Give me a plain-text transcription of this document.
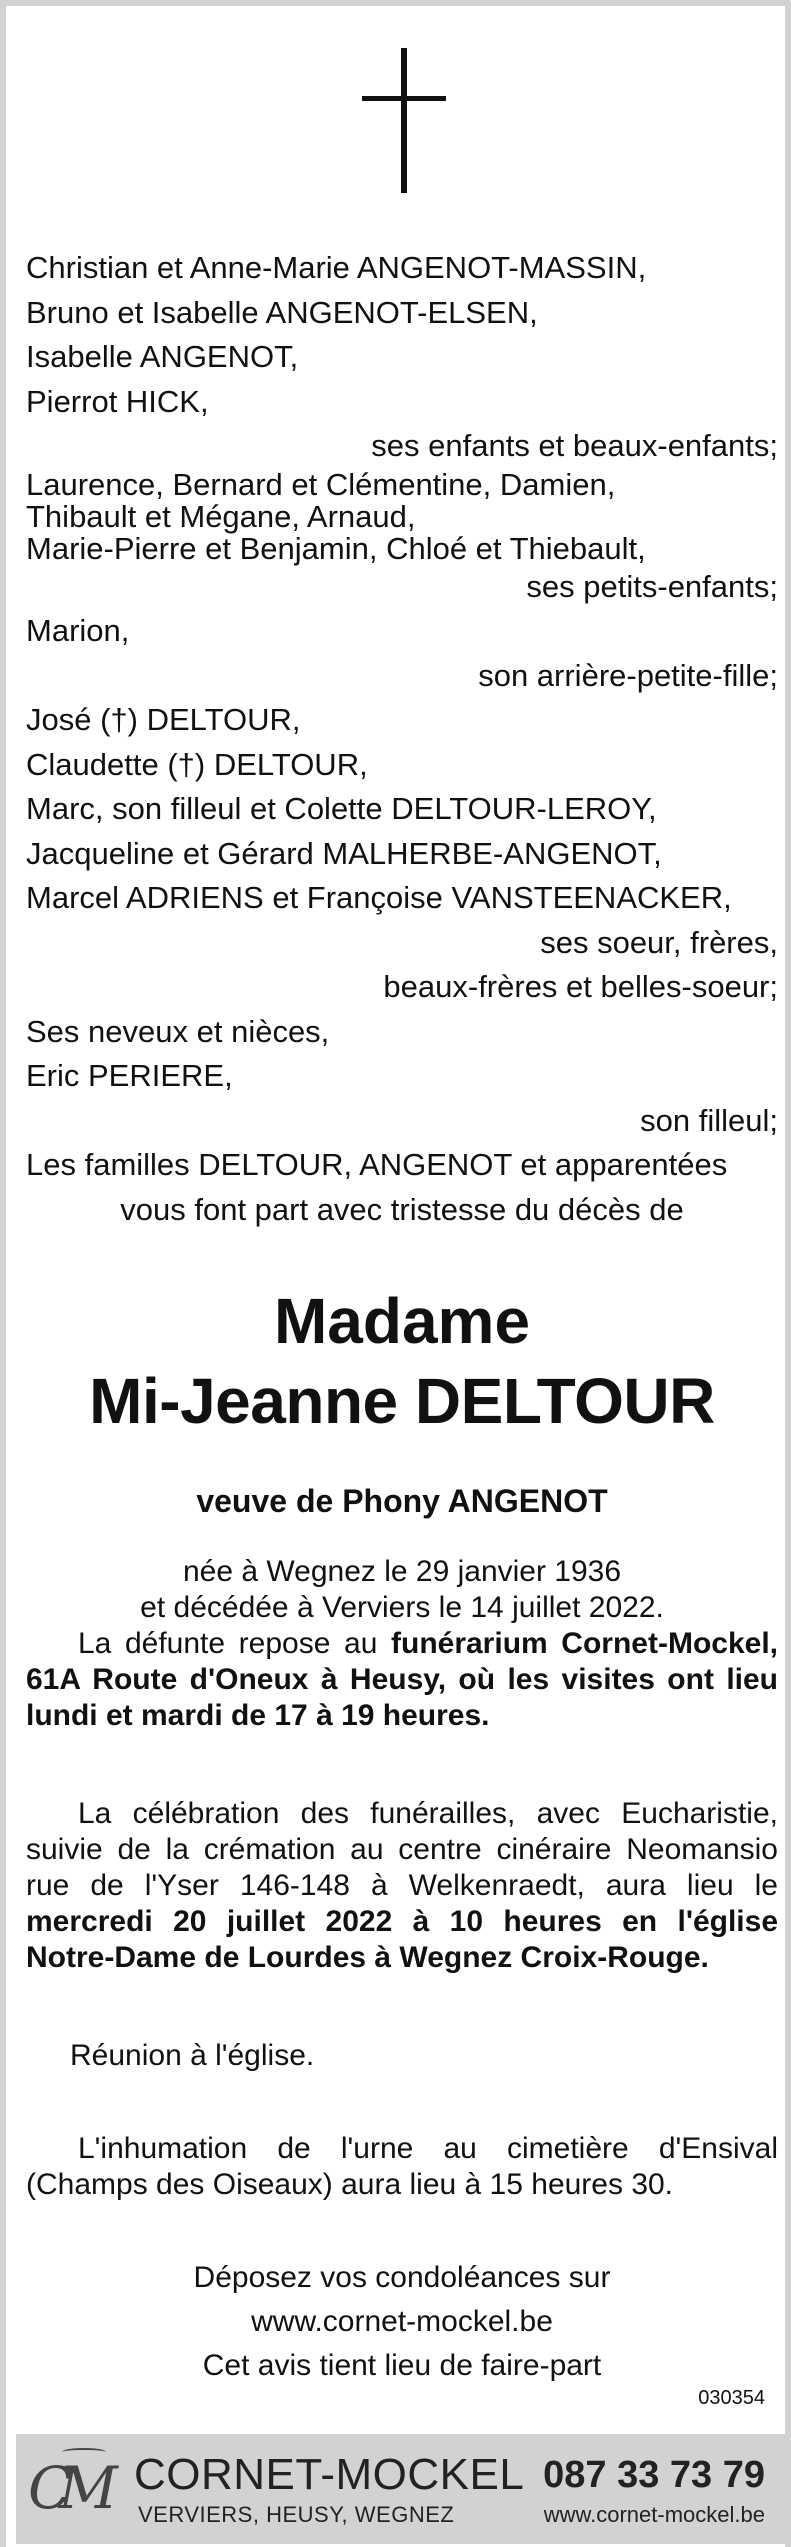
Christian et Anne-Marie ANGENOT-MASSIN,
Bruno et Isabelle ANGENOT-ELSEN,
Isabelle ANGENOT,
Pierrot HICK,
ses enfants et beaux-enfants;
Laurence, Bernard et Clémentine, Damien,
Thibault et Mégane, Arnaud,
Marie-Pierre et Benjamin, Chloé et Thiebault,
ses petits-enfants;
Marion,
son arrière-petite-fille;
José (†) DELTOUR,
Claudette (†) DELTOUR,
Marc, son filleul et Colette DELTOUR-LEROY,
Jacqueline et Gérard MALHERBE-ANGENOT,
Marcel ADRIENS et Françoise VANSTEENACKER,
ses soeur, frères,
beaux-frères et belles-soeur;
Ses neveux et nièces,
Eric PERIERE,
son filleul;
Les familles DELTOUR, ANGENOT et apparentées
vous font part avec tristesse du décès de
Madame
Mi-Jeanne DELTOUR
veuve de Phony ANGENOT
née à Wegnez le 29 janvier 1936
et décédée à Verviers le 14 juillet 2022.
La défunte repose au funérarium Cornet-Mockel, 61A Route d'Oneux à Heusy, où les visites ont lieu lundi et mardi de 17 à 19 heures.
La célébration des funérailles, avec Eucharistie, suivie de la crémation au centre cinéraire Neomansio rue de l'Yser 146-148 à Welkenraedt, aura lieu le mercredi 20 juillet 2022 à 10 heures en l'église Notre-Dame de Lourdes à Wegnez Croix-Rouge.
Réunion à l'église.
L'inhumation de l'urne au cimetière d'Ensival (Champs des Oiseaux) aura lieu à 15 heures 30.
Déposez vos condoléances sur
www.cornet-mockel.be
Cet avis tient lieu de faire-part
030354
CM CORNET-MOCKEL
VERVIERS, HEUSY, WEGNEZ
087 33 73 79
www.cornet-mockel.be
